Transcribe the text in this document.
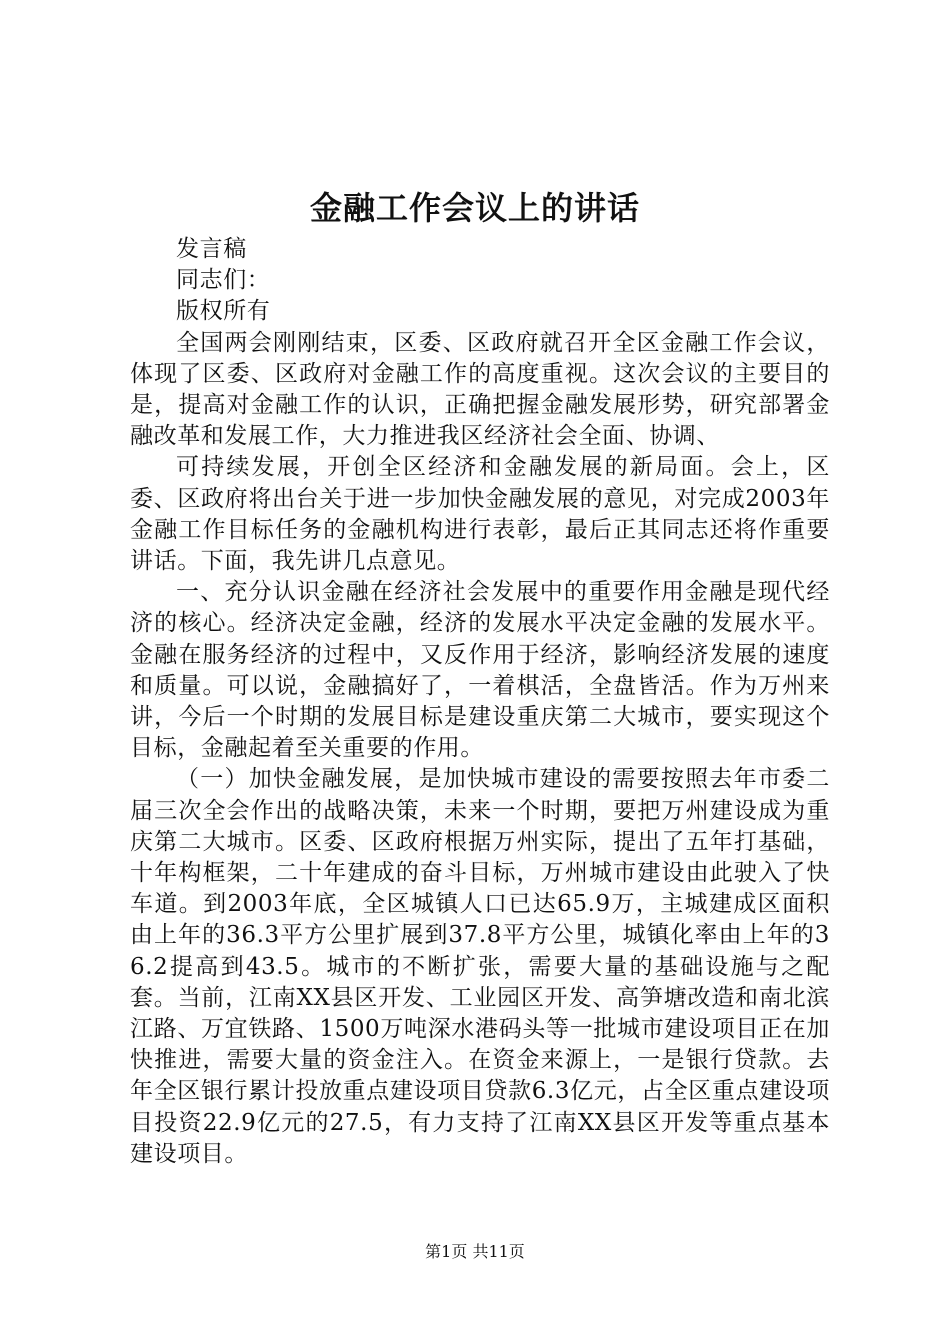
金融工作会议上的讲话

发言稿

同志们：

版权所有

全国两会刚刚结束，区委、区政府就召开全区金融工作会议，体现了区委、区政府对金融工作的高度重视。这次会议的主要目的是，提高对金融工作的认识，正确把握金融发展形势，研究部署金融改革和发展工作，大力推进我区经济社会全面、协调、

可持续发展，开创全区经济和金融发展的新局面。会上，区委、区政府将出台关于进一步加快金融发展的意见，对完成2003年金融工作目标任务的金融机构进行表彰，最后正其同志还将作重要讲话。下面，我先讲几点意见。

一、充分认识金融在经济社会发展中的重要作用金融是现代经济的核心。经济决定金融，经济的发展水平决定金融的发展水平。金融在服务经济的过程中，又反作用于经济，影响经济发展的速度和质量。可以说，金融搞好了，一着棋活，全盘皆活。作为万州来讲，今后一个时期的发展目标是建设重庆第二大城市，要实现这个目标，金融起着至关重要的作用。

（一）加快金融发展，是加快城市建设的需要按照去年市委二届三次全会作出的战略决策，未来一个时期，要把万州建设成为重庆第二大城市。区委、区政府根据万州实际，提出了五年打基础，十年构框架，二十年建成的奋斗目标，万州城市建设由此驶入了快车道。到2003年底，全区城镇人口已达65.9万，主城建成区面积由上年的36.3平方公里扩展到37.8平方公里，城镇化率由上年的36.2提高到43.5。城市的不断扩张，需要大量的基础设施与之配套。当前，江南XX县区开发、工业园区开发、高笋塘改造和南北滨江路、万宜铁路、1500万吨深水港码头等一批城市建设项目正在加快推进，需要大量的资金注入。在资金来源上，一是银行贷款。去年全区银行累计投放重点建设项目贷款6.3亿元，占全区重点建设项目投资22.9亿元的27.5，有力支持了江南XX县区开发等重点基本建设项目。

第1页 共11页
